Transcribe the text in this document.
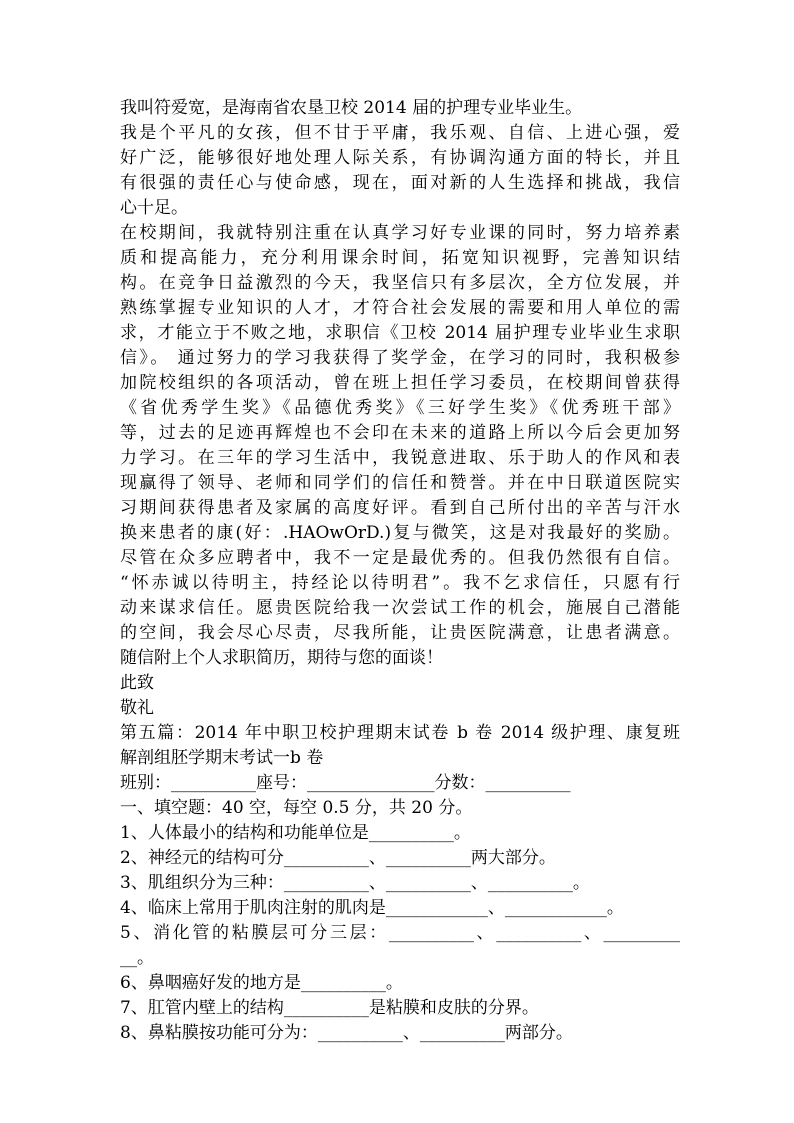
我叫符爱宽，是海南省农垦卫校 2014 届的护理专业毕业生。
我是个平凡的女孩，但不甘于平庸，我乐观、自信、上进心强，爱
好广泛，能够很好地处理人际关系，有协调沟通方面的特长，并且
有很强的责任心与使命感，现在，面对新的人生选择和挑战，我信
心十足。
在校期间，我就特别注重在认真学习好专业课的同时，努力培养素
质和提高能力，充分利用课余时间，拓宽知识视野，完善知识结
构。在竞争日益激烈的今天，我坚信只有多层次，全方位发展，并
熟练掌握专业知识的人才，才符合社会发展的需要和用人单位的需
求，才能立于不败之地，求职信《卫校 2014 届护理专业毕业生求职
信》。 通过努力的学习我获得了奖学金，在学习的同时，我积极参
加院校组织的各项活动，曾在班上担任学习委员，在校期间曾获得
《省优秀学生奖》《品德优秀奖》《三好学生奖》《优秀班干部》
等，过去的足迹再辉煌也不会印在未来的道路上所以今后会更加努
力学习。在三年的学习生活中，我锐意进取、乐于助人的作风和表
现赢得了领导、老师和同学们的信任和赞誉。并在中日联道医院实
习期间获得患者及家属的高度好评。看到自己所付出的辛苦与汗水
换来患者的康(好：.HAOwOrD.)复与微笑，这是对我最好的奖励。
尽管在众多应聘者中，我不一定是最优秀的。但我仍然很有自信。
“怀赤诚以待明主，持经论以待明君”。我不乞求信任，只愿有行
动来谋求信任。愿贵医院给我一次尝试工作的机会，施展自己潜能
的空间，我会尽心尽责，尽我所能，让贵医院满意，让患者满意。
随信附上个人求职简历，期待与您的面谈！
此致
敬礼
第五篇：2014 年中职卫校护理期末试卷 b 卷 2014 级护理、康复班
解剖组胚学期末考试一b 卷
班别：__________座号：_______________分数：__________
一、填空题：40 空，每空 0.5 分，共 20 分。
1、人体最小的结构和功能单位是__________。
2、神经元的结构可分__________、__________两大部分。
3、肌组织分为三种：__________、__________、__________。
4、临床上常用于肌肉注射的肌肉是____________、____________。
5、消化管的粘膜层可分三层：__________、__________、_________
__。
6、鼻咽癌好发的地方是__________。
7、肛管内壁上的结构__________是粘膜和皮肤的分界。
8、鼻粘膜按功能可分为：__________、__________两部分。
